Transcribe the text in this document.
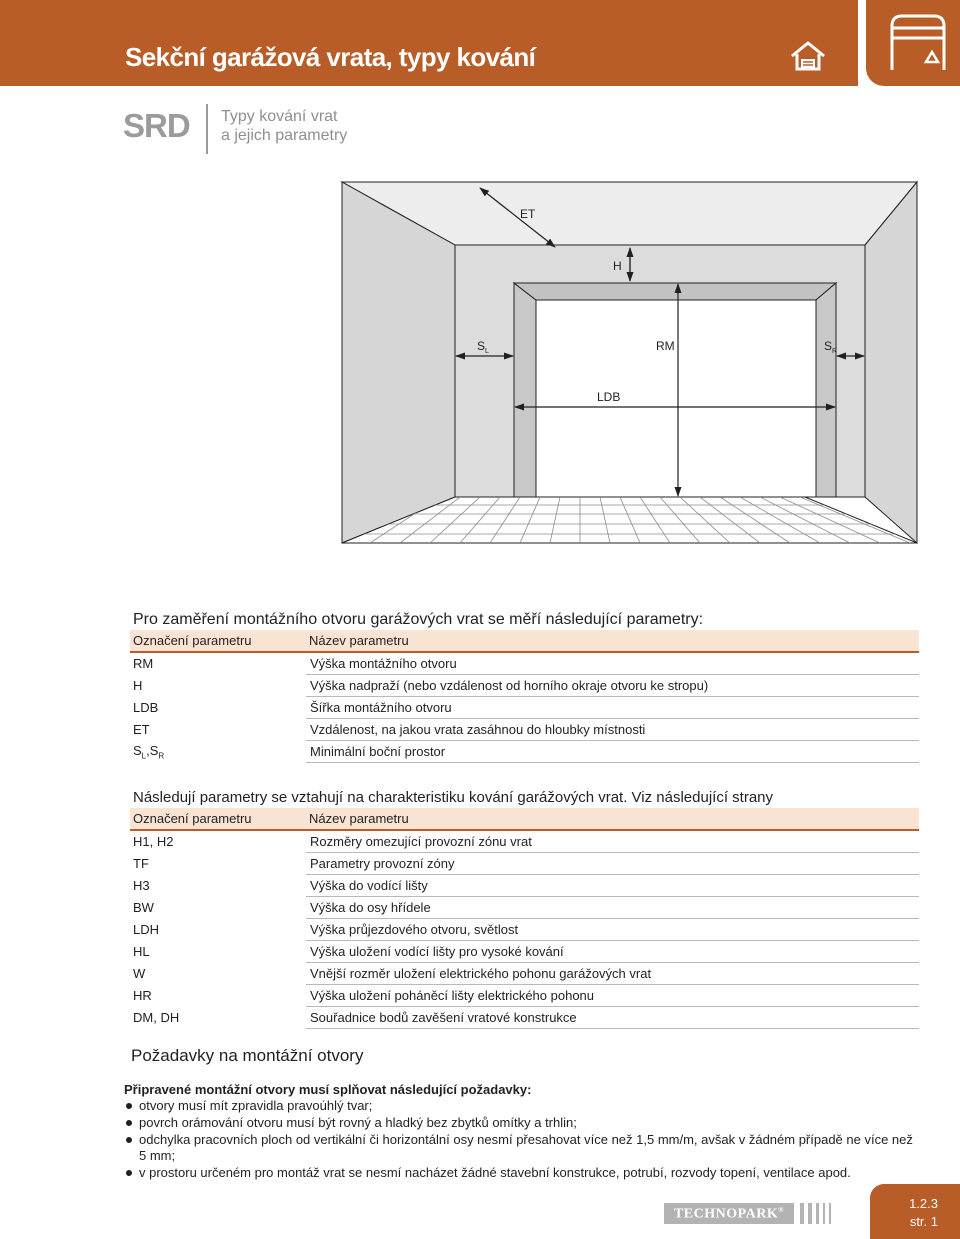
Sekční garážová vrata, typy kování
SRD Typy kování vrat
a jejich parametry
ET
H
$S_L$	RM	$S_R$
LDB
Pro zaměření montážního otvoru garážových vrat se měří následující parametry:
Označení parametru	Název parametru
RM	Výška montážního otvoru
H	Výška nadpraží (nebo vzdálenost od horního okraje otvoru ke stropu)
LDB	Šířka montážního otvoru
ET	Vzdálenost, na jakou vrata zasáhnou do hloubky místnosti
$S_L,S_R$	Minimální boční prostor
Následují parametry se vztahují na charakteristiku kování garážových vrat. Viz následující strany
Označení parametru	Název parametru
H1, H2	Rozměry omezující provozní zónu vrat
TF	Parametry provozní zóny
H3	Výška do vodící lišty
BW	Výška do osy hřídele
LDH	Výška průjezdového otvoru, světlost
HL	Výška uložení vodící lišty pro vysoké kování
W	Vnější rozměr uložení elektrického pohonu garážových vrat
HR	Výška uložení poháněcí lišty elektrického pohonu
DM, DH	Souřadnice bodů zavěšení vratové konstrukce
Požadavky na montážní otvory
Připravené montážní otvory musí splňovat následující požadavky:
otvory musí mít zpravidla pravoúhlý tvar;
povrch orámování otvoru musí být rovný a hladký bez zbytků omítky a trhlin;
odchylka pracovních ploch od vertikální či horizontální osy nesmí přesahovat více než 1,5 mm/m, avšak v žádném případě ne více než 5 mm;
v prostoru určeném pro montáž vrat se nesmí nacházet žádné stavební konstrukce, potrubí, rozvody topení, ventilace apod.
TECHNOPARK®	1.2.3
str. 1
